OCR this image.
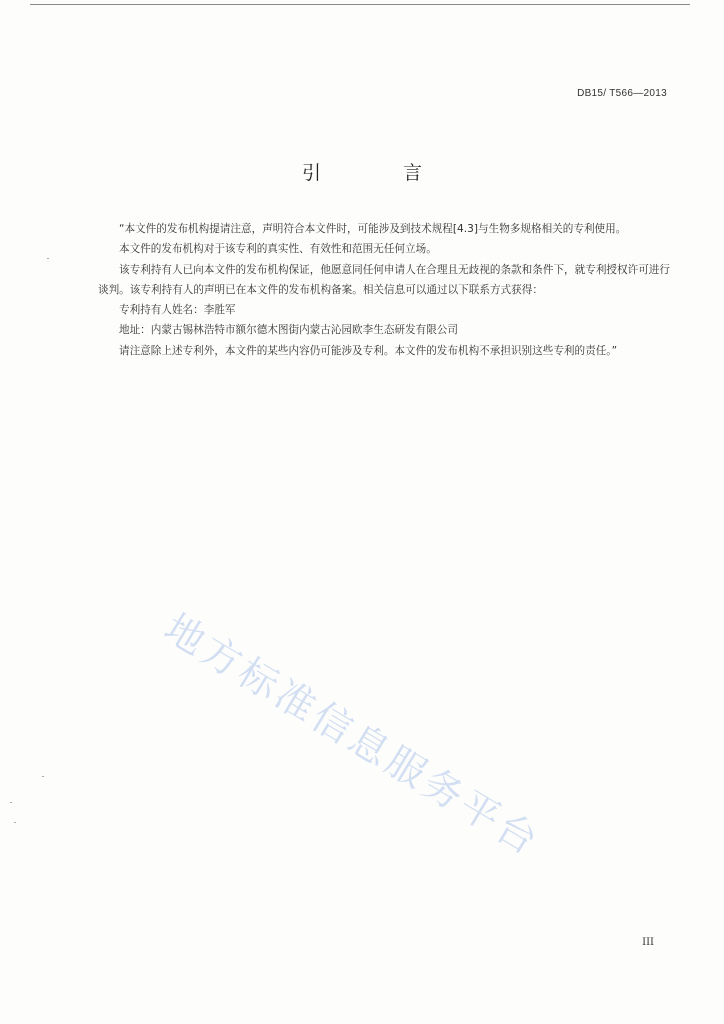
DB15/ T566—2013
引 言

“本文件的发布机构提请注意，声明符合本文件时，可能涉及到技术规程[4.3]与生物多规格相关的专利使用。

本文件的发布机构对于该专利的真实性、有效性和范围无任何立场。

该专利持有人已向本文件的发布机构保证，他愿意同任何申请人在合理且无歧视的条款和条件下，就专利授权许可进行谈判。该专利持有人的声明已在本文件的发布机构备案。相关信息可以通过以下联系方式获得：

专利持有人姓名：李胜军

地址：内蒙古锡林浩特市额尔德木图街内蒙古沁园欧李生态研发有限公司

请注意除上述专利外，本文件的某些内容仍可能涉及专利。本文件的发布机构不承担识别这些专利的责任。”

地方标准信息服务平台
III
